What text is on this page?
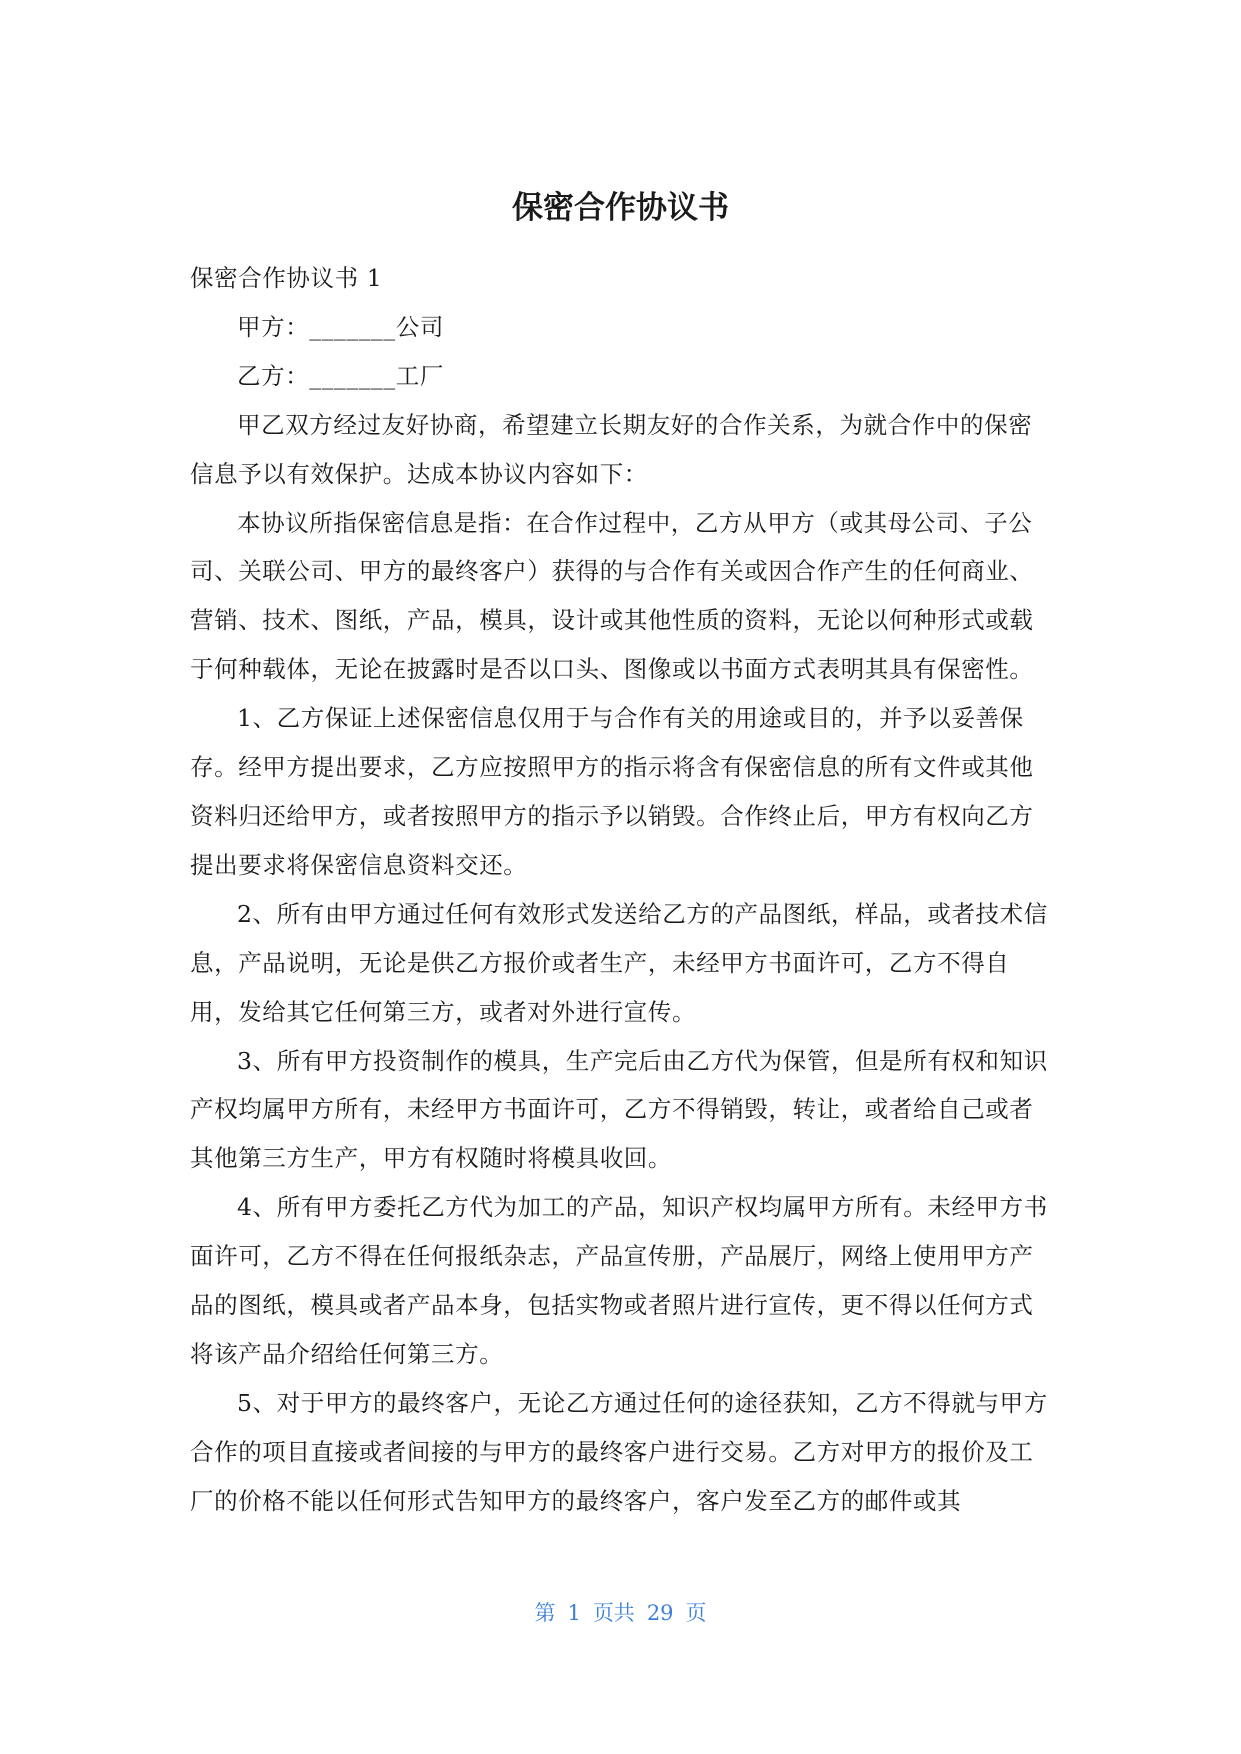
保密合作协议书

保密合作协议书 1

甲方：_______公司

乙方：_______工厂

甲乙双方经过友好协商，希望建立长期友好的合作关系，为就合作中的保密信息予以有效保护。达成本协议内容如下：

本协议所指保密信息是指：在合作过程中，乙方从甲方（或其母公司、子公司、关联公司、甲方的最终客户）获得的与合作有关或因合作产生的任何商业、营销、技术、图纸，产品，模具，设计或其他性质的资料，无论以何种形式或载于何种载体，无论在披露时是否以口头、图像或以书面方式表明其具有保密性。

1、乙方保证上述保密信息仅用于与合作有关的用途或目的，并予以妥善保存。经甲方提出要求，乙方应按照甲方的指示将含有保密信息的所有文件或其他资料归还给甲方，或者按照甲方的指示予以销毁。合作终止后，甲方有权向乙方提出要求将保密信息资料交还。

2、所有由甲方通过任何有效形式发送给乙方的产品图纸，样品，或者技术信息，产品说明，无论是供乙方报价或者生产，未经甲方书面许可，乙方不得自用，发给其它任何第三方，或者对外进行宣传。

3、所有甲方投资制作的模具，生产完后由乙方代为保管，但是所有权和知识产权均属甲方所有，未经甲方书面许可，乙方不得销毁，转让，或者给自己或者其他第三方生产，甲方有权随时将模具收回。

4、所有甲方委托乙方代为加工的产品，知识产权均属甲方所有。未经甲方书面许可，乙方不得在任何报纸杂志，产品宣传册，产品展厅，网络上使用甲方产品的图纸，模具或者产品本身，包括实物或者照片进行宣传，更不得以任何方式将该产品介绍给任何第三方。

5、对于甲方的最终客户，无论乙方通过任何的途径获知，乙方不得就与甲方合作的项目直接或者间接的与甲方的最终客户进行交易。乙方对甲方的报价及工厂的价格不能以任何形式告知甲方的最终客户，客户发至乙方的邮件或其

第 1 页共 29 页
